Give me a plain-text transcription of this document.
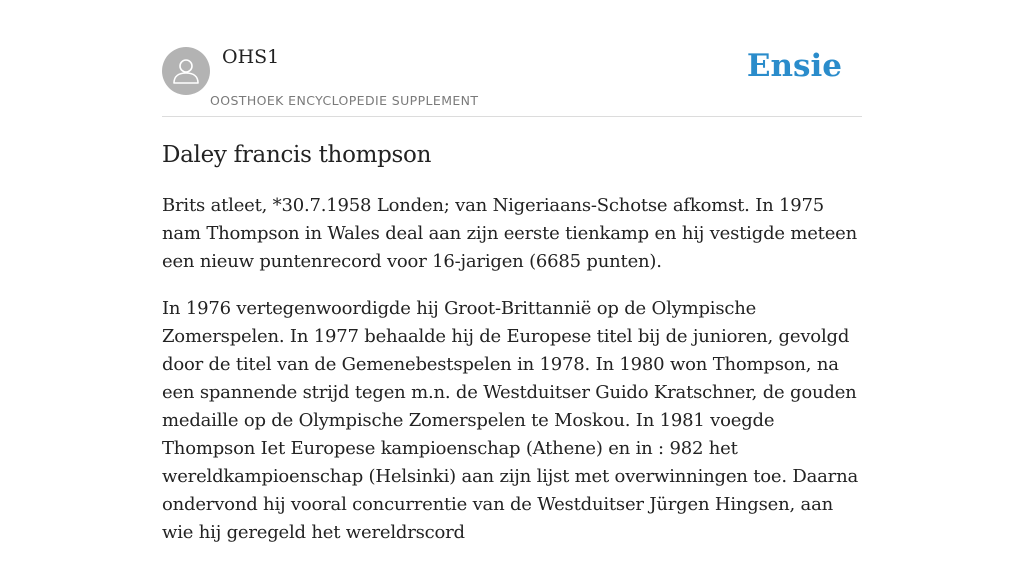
OHS1
OOSTHOEK ENCYCLOPEDIE SUPPLEMENT
Ensie
Daley francis thompson

Brits atleet, *30.7.1958 Londen; van Nigeriaans-Schotse afkomst. In 1975 nam Thompson in Wales deal aan zijn eerste tienkamp en hij vestigde meteen een nieuw puntenrecord voor 16-jarigen (6685 punten).

In 1976 vertegenwoordigde hij Groot-Brittannië op de Olympische Zomerspelen. In 1977 behaalde hij de Europese titel bij de junioren, gevolgd door de titel van de Gemenebestspelen in 1978. In 1980 won Thompson, na een spannende strijd tegen m.n. de Westduitser Guido Kratschner, de gouden medaille op de Olympische Zomerspelen te Moskou. In 1981 voegde Thompson Iet Europese kampioenschap (Athene) en in : 982 het wereldkampioenschap (Helsinki) aan zijn lijst met overwinningen toe. Daarna ondervond hij vooral concurrentie van de Westduitser Jürgen Hingsen, aan wie hij geregeld het wereldrscord
